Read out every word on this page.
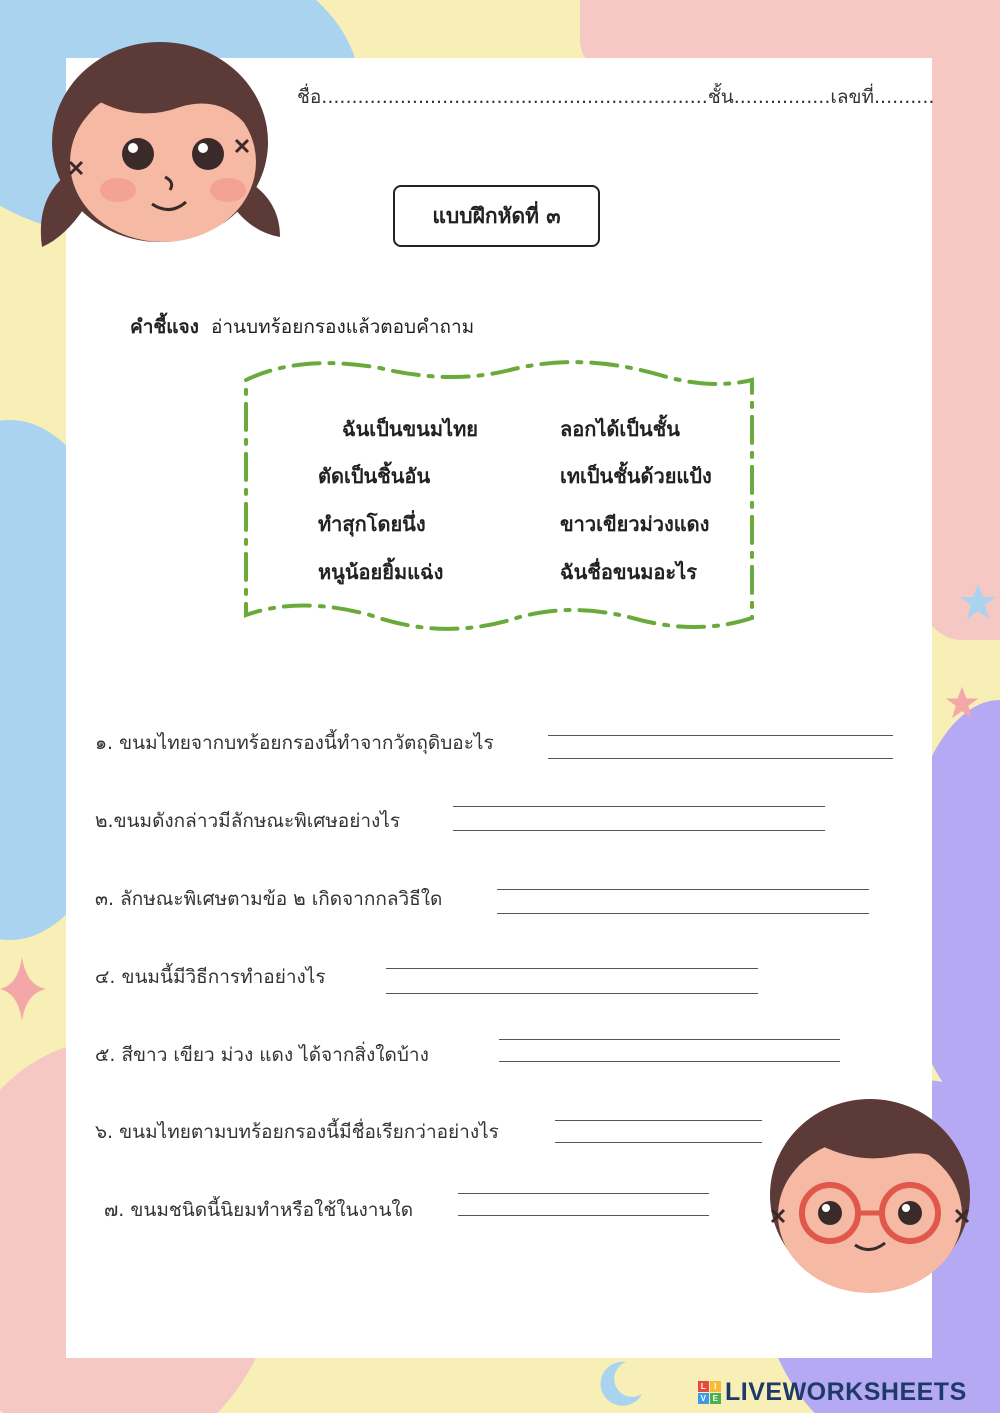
ชื่อ................................................................ชั้น................เลขที่..........
แบบฝึกหัดที่ ๓
คำชี้แจง อ่านบทร้อยกรองแล้วตอบคำถาม
ฉันเป็นขนมไทย
ตัดเป็นชิ้นอัน
ทำสุกโดยนึ่ง
หนูน้อยยิ้มแฉ่ง
ลอกได้เป็นชั้น
เทเป็นชั้นด้วยแป้ง
ขาวเขียวม่วงแดง
ฉันชื่อขนมอะไร
๑. ขนมไทยจากบทร้อยกรองนี้ทำจากวัตถุดิบอะไร
๒.ขนมดังกล่าวมีลักษณะพิเศษอย่างไร
๓. ลักษณะพิเศษตามข้อ ๒ เกิดจากกลวิธีใด
๔. ขนมนี้มีวิธีการทำอย่างไร
๕. สีขาว เขียว ม่วง แดง ได้จากสิ่งใดบ้าง
๖. ขนมไทยตามบทร้อยกรองนี้มีชื่อเรียกว่าอย่างไร
๗. ขนมชนิดนี้นิยมทำหรือใช้ในงานใด
L I
V E LIVEWORKSHEETS
